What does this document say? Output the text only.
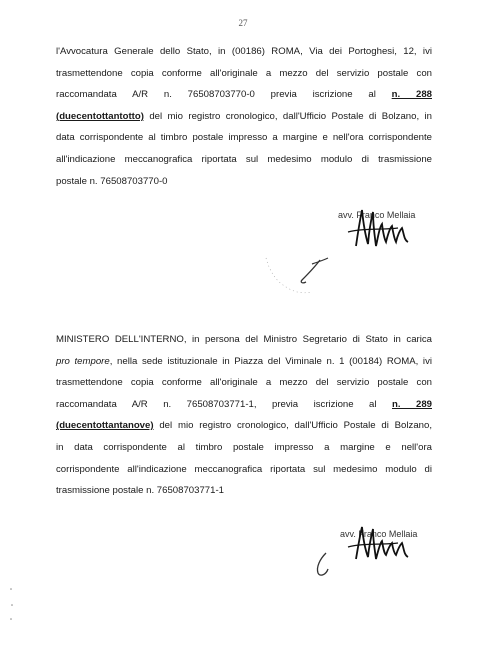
27
l'Avvocatura Generale dello Stato, in (00186) ROMA, Via dei Portoghesi, 12, ivi
trasmettendone copia conforme all'originale a mezzo del servizio postale con
raccomandata A/R n. 76508703770-0 previa iscrizione al n. 288
(duecentottantotto) del mio registro cronologico, dall'Ufficio Postale di Bolzano, in
data corrispondente al timbro postale impresso a margine e nell'ora corrispondente
all'indicazione meccanografica riportata sul medesimo modulo di trasmissione
postale n. 76508703770-0
avv. Franco Mellaia
MINISTERO DELL'INTERNO, in persona del Ministro Segretario di Stato in carica
pro tempore, nella sede istituzionale in Piazza del Viminale n. 1 (00184) ROMA, ivi
trasmettendone copia conforme all'originale a mezzo del servizio postale con
raccomandata A/R n. 76508703771-1, previa iscrizione al n. 289
(duecentottantanove) del mio registro cronologico, dall'Ufficio Postale di Bolzano,
in data corrispondente al timbro postale impresso a margine e nell'ora
corrispondente all'indicazione meccanografica riportata sul medesimo modulo di
trasmissione postale n. 76508703771-1
avv. Franco Mellaia
